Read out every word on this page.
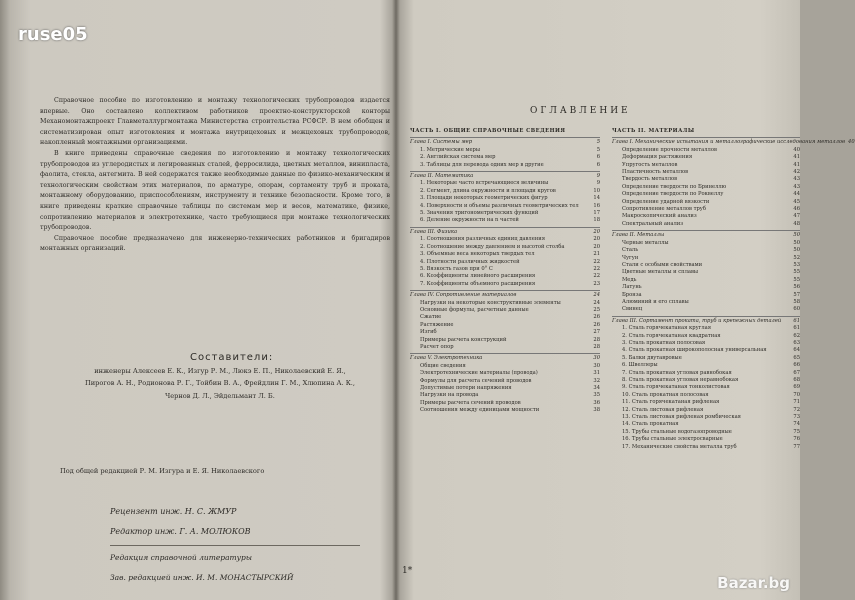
ruse05

Справочное пособие по изготовлению и монтажу технологических трубопроводов издается впервые. Оно составлено коллективом работников проектно-конструкторской конторы Механомонтажпроект Главметаллургмонтажа Министерства строительства РСФСР. В нем обобщен и систематизирован опыт изготовления и монтажа внутрицеховых и межцеховых трубопроводов, накопленный монтажными организациями.

В книге приведены справочные сведения по изготовлению и монтажу технологических трубопроводов из углеродистых и легированных сталей, ферросилида, цветных металлов, винипласта, фаолита, стекла, антегмита. В ней содержатся также необходимые данные по физико-механическим и технологическим свойствам этих материалов, по арматуре, опорам, сортаменту труб и проката, монтажному оборудованию, приспособлениям, инструменту и технике безопасности. Кроме того, в книге приведены краткие справочные таблицы по системам мер и весов, математике, физике, сопротивлению материалов и электротехнике, часто требующиеся при монтаже технологических трубопроводов.

Справочное пособие предназначено для инженерно-технических работников и бригадиров монтажных организаций.

Составители:
инженеры Алексеев Е. К., Изгур Р. М., Люкэ Е. П., Николаевский Е. Я.,
Пирогов А. Н., Родионова Р. Г., Тойбин В. А., Фрейдлин Г. М., Хлюпина А. К.,
Чернов Д. Л., Эйдельмант Л. Б.
Под общей редакцией Р. М. Изгура и Е. Я. Николаевского
Рецензент инж. Н. С. ЖМУР
Редактор инж. Г. А. МОЛЮКОВ
Редакция справочной литературы
Зав. редакцией инж. И. М. МОНАСТЫРСКИЙ
ОГЛАВЛЕНИЕ
ЧАСТЬ I. ОБЩИЕ СПРАВОЧНЫЕ СВЕДЕНИЯ
Глава I. Системы мер	5
1. Метрические меры	5
2. Английская система мер	6
3. Таблицы для перевода одних мер в другие	6
Глава II. Математика	9
1. Некоторые часто встречающиеся величины	9
2. Сегмент, длина окружности и площади кругов	10
3. Площади некоторых геометрических фигур	14
4. Поверхности и объемы различных геометрических тел	16
5. Значения тригонометрических функций	17
6. Деление окружности на n частей	18
Глава III. Физика	20
1. Соотношения различных единиц давления	20
2. Соотношение между давлением и высотой столба	20
3. Объемные веса некоторых твердых тел	21
4. Плотности различных жидкостей	22
5. Вязкость газов при 0° С	22
6. Коэффициенты линейного расширения	22
7. Коэффициенты объемного расширения	23
Глава IV. Сопротивление материалов	24
Нагрузки на некоторые конструктивные элементы	24
Основные формулы, расчетные данные	25
Сжатие	26
Растяжение	26
Изгиб	27
Примеры расчета конструкций	28
Расчет опор	28
Глава V. Электротехника	30
Общие сведения	30
Электротехнические материалы (провода)	31
Формулы для расчета сечений проводов	32
Допустимые потери напряжения	34
Нагрузки на провода	35
Примеры расчета сечений проводов	36
Соотношения между единицами мощности	38
ЧАСТЬ II. МАТЕРИАЛЫ
Глава I. Механические испытания и металлографические исследования металлов 40
Определение прочности металлов	40
Деформация растяжения	41
Упругость металлов	41
Пластичность металлов	42
Твердость металлов	43
Определение твердости по Бринеллю	43
Определение твердости по Роквеллу	44
Определение ударной вязкости	45
Сопротивление металлов труб	46
Макроскопический анализ	47
Спектральный анализ	48
Глава II. Металлы	50
Черные металлы	50
Сталь	50
Чугун	52
Стали с особыми свойствами	53
Цветные металлы и сплавы	55
Медь	55
Латунь	56
Бронза	57
Алюминий и его сплавы	58
Свинец	60
Глава III. Сортамент проката, труб и крепежных деталей	61
1. Сталь горячекатаная круглая	61
2. Сталь горячекатаная квадратная	62
3. Сталь прокатная полосовая	63
4. Сталь прокатная широкополосная универсальная	64
5. Балки двутавровые	65
6. Швеллеры	66
7. Сталь прокатная угловая равнобокая	67
8. Сталь прокатная угловая неравнобокая	68
9. Сталь горячекатаная тонколистовая	69
10. Сталь прокатная полосовая	70
11. Сталь горячекатаная рифленая	71
12. Сталь листовая рифленая	72
13. Сталь листовая рифленая ромбическая	73
14. Сталь прокатная	74
15. Трубы стальные водогазопроводные	75
16. Трубы стальные электросварные	76
17. Механические свойства металла труб	77
1*
Bazar.bg
